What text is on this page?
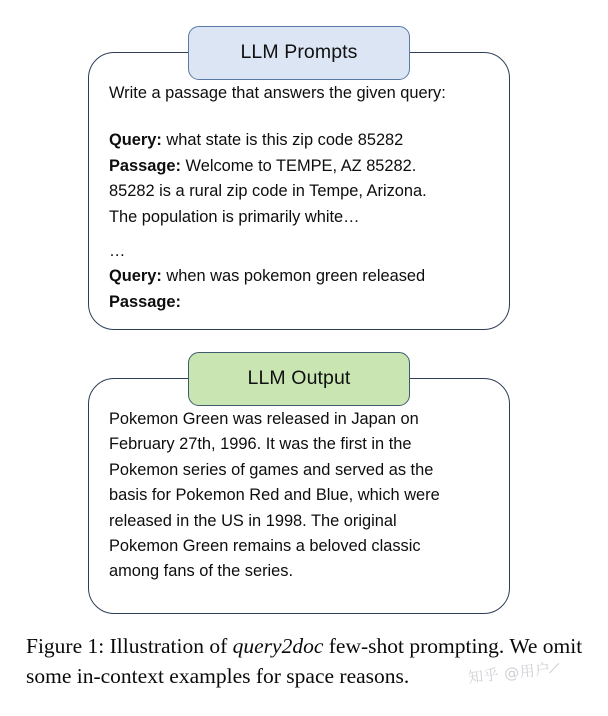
Write a passage that answers the given query:
Query: what state is this zip code 85282
Passage: Welcome to TEMPE, AZ 85282.
85282 is a rural zip code in Tempe, Arizona.
The population is primarily white…
…
Query: when was pokemon green released
Passage:
LLM Prompts
Pokemon Green was released in Japan on
February 27th, 1996. It was the first in the
Pokemon series of games and served as the
basis for Pokemon Red and Blue, which were
released in the US in 1998. The original
Pokemon Green remains a beloved classic
among fans of the series.
LLM Output
Figure 1: Illustration of query2doc few-shot prompting. We omit some in-context examples for space reasons.	知乎 @用户⁄
